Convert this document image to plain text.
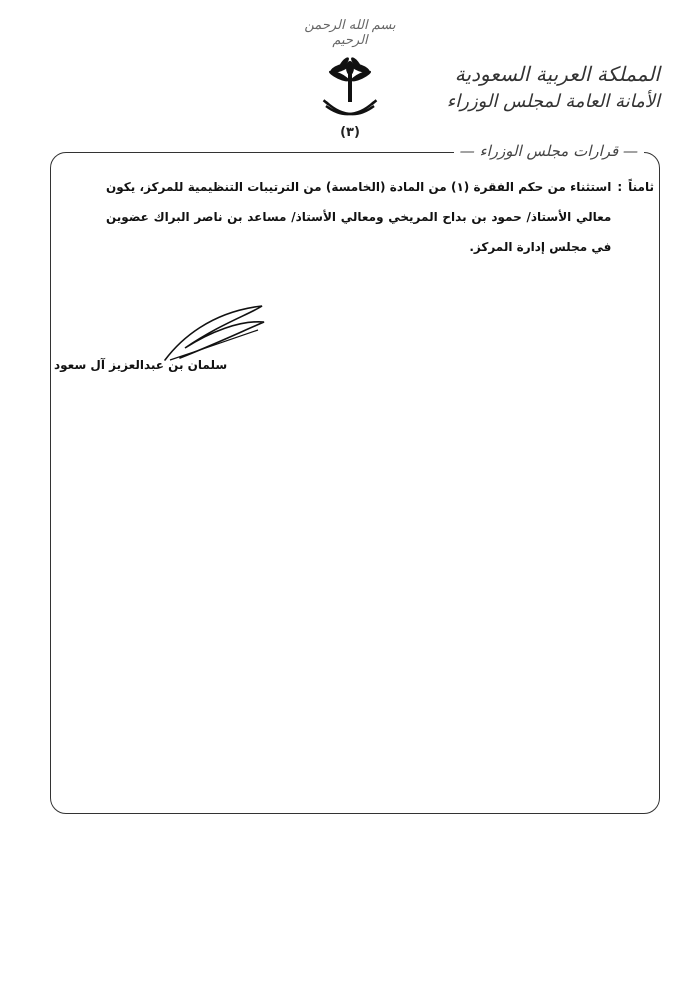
بسم الله الرحمن الرحيم
(٣)
المملكة العربية السعودية
الأمانة العامة لمجلس الوزراء
— قرارات مجلس الوزراء —
ثامناً
:
استثناء من حكم الفقرة (١) من المادة (الخامسة) من الترتيبات التنظيمية للمركز، يكون معالي الأستاذ/ حمود بن بداح المريخي ومعالي الأستاذ/ مساعد بن ناصر البراك عضوين في مجلس إدارة المركز.
سلمان بن عبدالعزيز آل سعود
